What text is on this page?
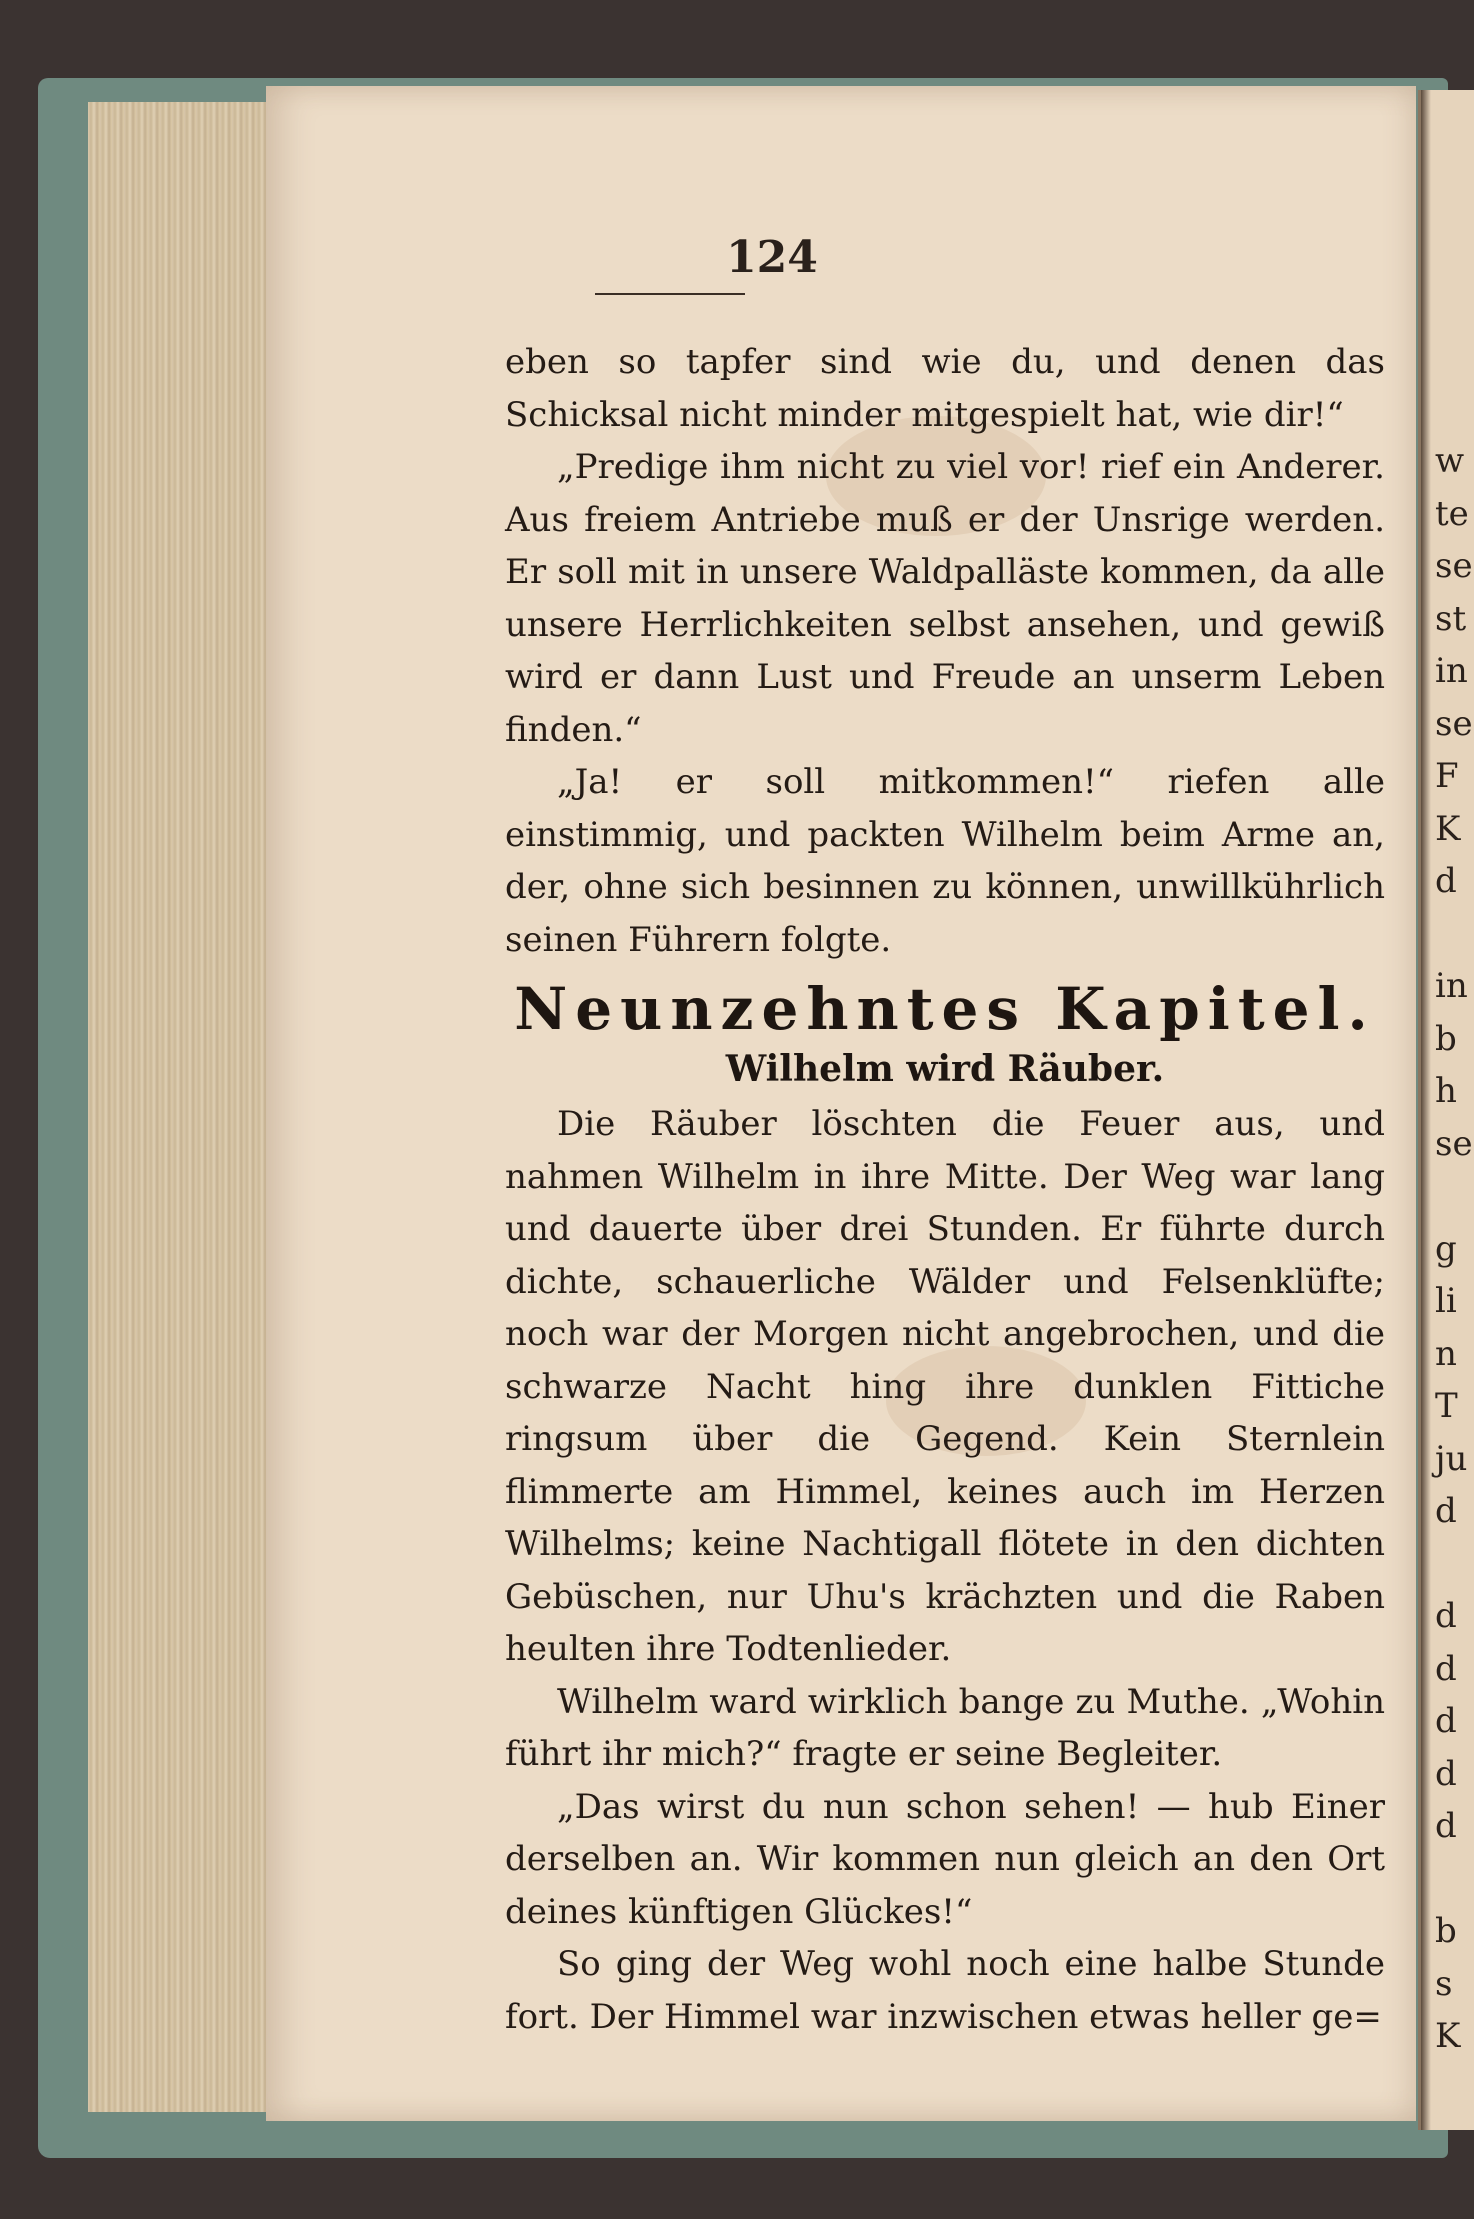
124

eben so tapfer sind wie du, und denen das Schicksal nicht minder mitgespielt hat, wie dir!“

„Predige ihm nicht zu viel vor! rief ein Anderer. Aus freiem Antriebe muß er der Unsrige werden. Er soll mit in unsere Waldpalläste kommen, da alle unsere Herrlichkeiten selbst ansehen, und gewiß wird er dann Lust und Freude an unserm Leben finden.“

„Ja! er soll mitkommen!“ riefen alle einstimmig, und packten Wilhelm beim Arme an, der, ohne sich besinnen zu können, unwillkührlich seinen Führern folgte.

Neunzehntes Kapitel.
Wilhelm wird Räuber.

Die Räuber löschten die Feuer aus, und nahmen Wilhelm in ihre Mitte. Der Weg war lang und dauerte über drei Stunden. Er führte durch dichte, schauerliche Wälder und Felsenklüfte; noch war der Morgen nicht angebrochen, und die schwarze Nacht hing ihre dunklen Fittiche ringsum über die Gegend. Kein Sternlein flimmerte am Himmel, keines auch im Herzen Wilhelms; keine Nachtigall flötete in den dichten Gebüschen, nur Uhu's krächzten und die Raben heulten ihre Todtenlieder.

Wilhelm ward wirklich bange zu Muthe. „Wohin führt ihr mich?“ fragte er seine Begleiter.

„Das wirst du nun schon sehen! — hub Einer derselben an. Wir kommen nun gleich an den Ort deines künftigen Glückes!“

So ging der Weg wohl noch eine halbe Stunde fort. Der Himmel war inzwischen etwas heller ge=

w
te
se
st
in
se
F
K
d
in
b
h
se
g
li
n
T
ju
d
d
d
d
d
d
b
s
K
